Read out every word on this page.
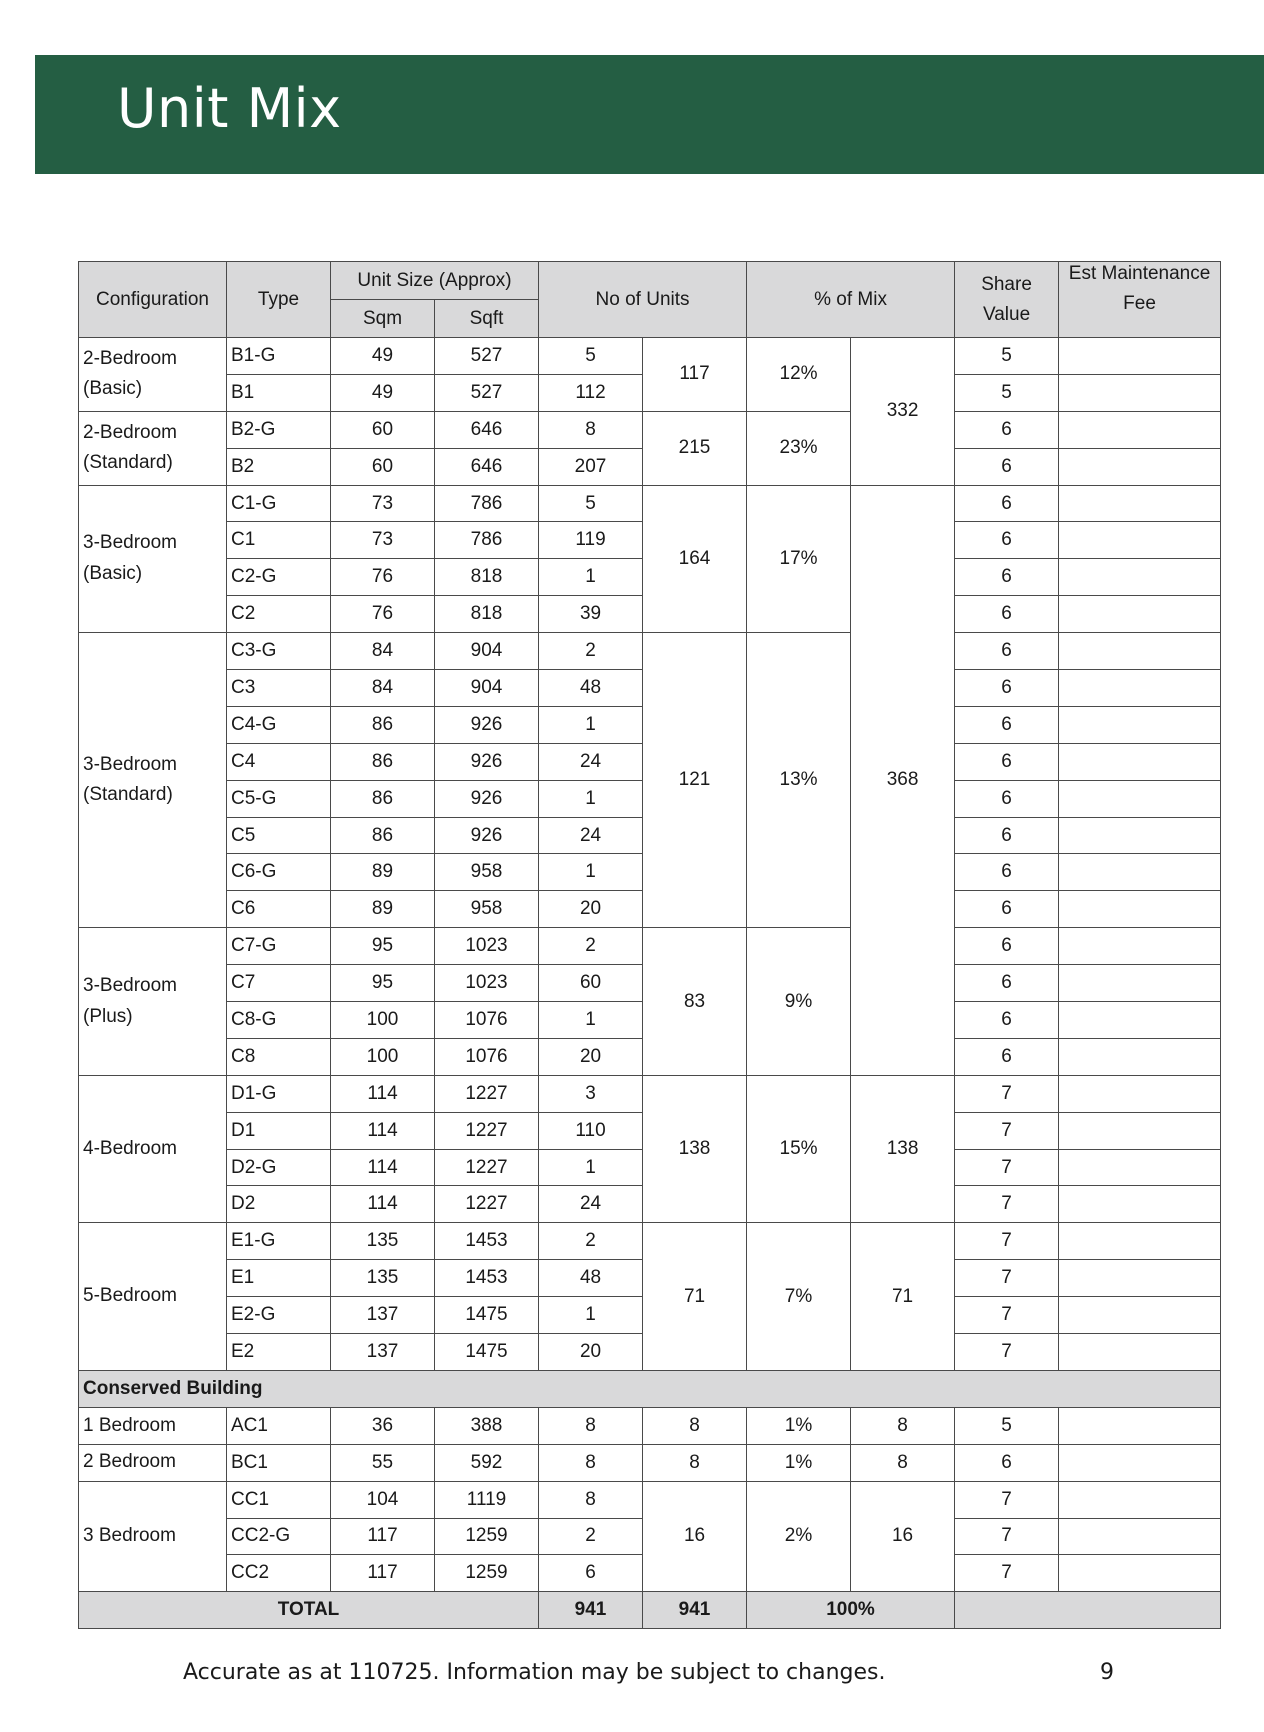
Unit Mix
Configuration	Type	Unit Size (Approx)		No of Units		% of Mix		Share Value	Est Maintenance Fee

		Sqm	Sqft						
2-Bedroom (Basic)	B1-G	49	527	5	117	12%	332	5	
	B1	49	527	112				5	
2-Bedroom (Standard)	B2-G	60	646	8	215	23%		6	
	B2	60	646	207				6	
3-Bedroom (Basic)	C1-G	73	786	5	164	17%	368	6	
	C1	73	786	119				6	
	C2-G	76	818	1				6	
	C2	76	818	39				6	
3-Bedroom (Standard)	C3-G	84	904	2	121	13%		6	
	C3	84	904	48				6	
	C4-G	86	926	1				6	
	C4	86	926	24				6	
	C5-G	86	926	1				6	
	C5	86	926	24				6	
	C6-G	89	958	1				6	
	C6	89	958	20				6	
3-Bedroom (Plus)	C7-G	95	1023	2	83	9%		6	
	C7	95	1023	60				6	
	C8-G	100	1076	1				6	
	C8	100	1076	20				6	
4-Bedroom	D1-G	114	1227	3	138	15%	138	7	
	D1	114	1227	110				7	
	D2-G	114	1227	1				7	
	D2	114	1227	24				7	
5-Bedroom	E1-G	135	1453	2	71	7%	71	7	
	E1	135	1453	48				7	
	E2-G	137	1475	1				7	
	E2	137	1475	20				7	
Conserved Building									
1 Bedroom	AC1	36	388	8	8	1%	8	5	
2 Bedroom	BC1	55	592	8	8	1%	8	6	
3 Bedroom	CC1	104	1119	8	16	2%	16	7	
	CC2-G	117	1259	2				7	
	CC2	117	1259	6				7	
TOTAL				941	941	100%			
Accurate as at 110725. Information may be subject to changes.	9
